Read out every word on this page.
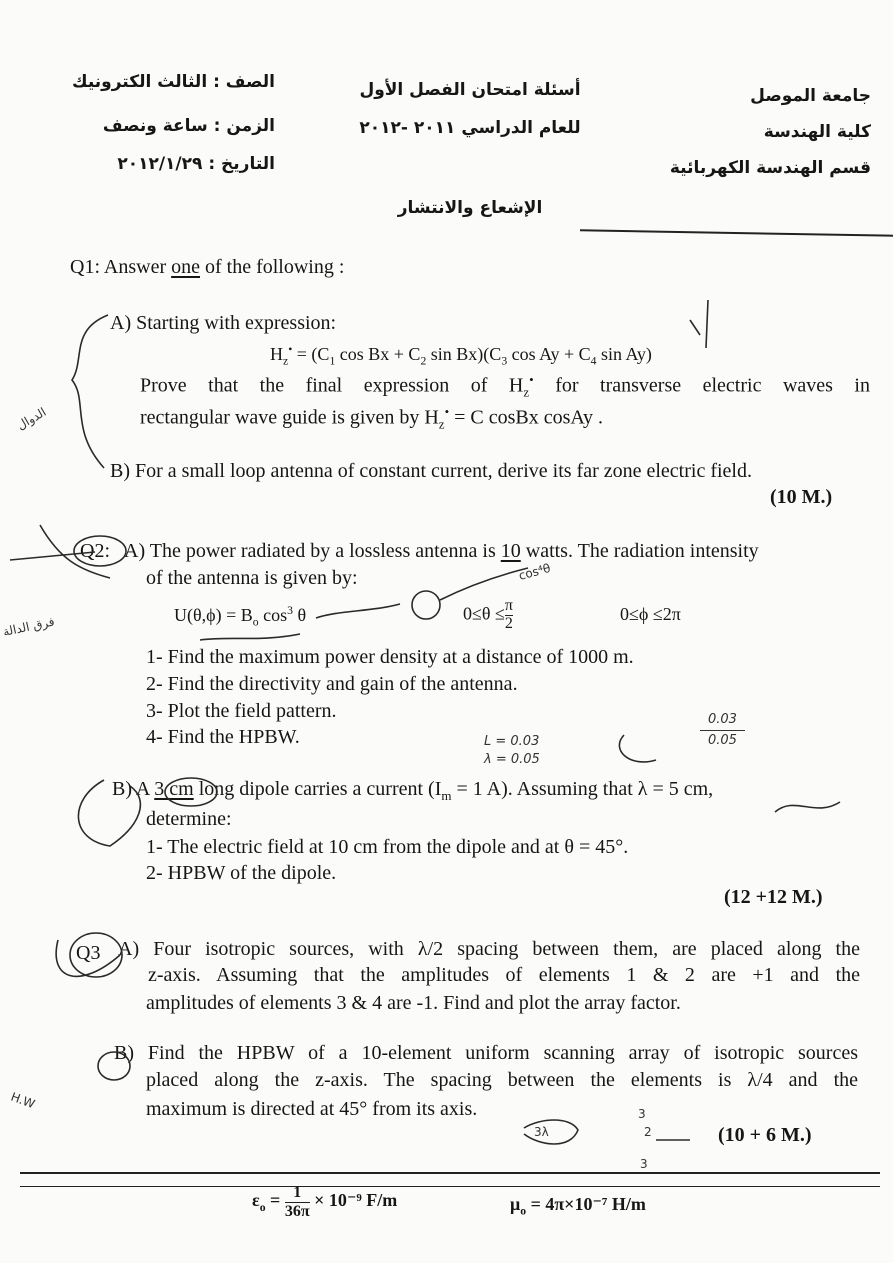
جامعة الموصل
كلية الهندسة
قسم الهندسة الكهربائية
أسئلة امتحان الفصل الأول
للعام الدراسي ٢٠١١ -٢٠١٢
الإشعاع والانتشار
الصف : الثالث الكترونيك
الزمن : ساعة ونصف
التاريخ : ٢٠١٢/١/٢٩
Q1: Answer one of the following :
A) Starting with expression:
$H_z^• = (C_1$ $\cos Bx + C_2$ $\sin Bx)(C_3$ $\cos Ay + C_4$ sin Ay)
Prove that the final expression of $H_z^•$ for transverse electric waves in
rectangular wave guide is given by $H_z^• = C$ cosBx cosAy .
B) For a small loop antenna of constant current, derive its far zone electric field.
(10 M.)
Q2: A) The power radiated by a lossless antenna is 10 watts. The radiation intensity
of the antenna is given by:
$U(\theta,\phi) = B_o$ $\cos^3 \theta$	$0\le\theta \le \frac{\pi}{2}$	0≤ϕ ≤2π
1- Find the maximum power density at a distance of 1000 m.
2- Find the directivity and gain of the antenna.
3- Plot the field pattern.
4- Find the HPBW.
B) A 3 cm long dipole carries a current ($I_m = 1$ A). Assuming that λ = 5 cm,
determine:
1- The electric field at 10 cm from the dipole and at θ = 45°.
2- HPBW of the dipole.
(12 +12 M.)
Q3 A) Four isotropic sources, with λ/2 spacing between them, are placed along the
z-axis. Assuming that the amplitudes of elements 1 & 2 are +1 and the
amplitudes of elements 3 & 4 are -1. Find and plot the array factor.
B) Find the HPBW of a 10-element uniform scanning array of isotropic sources
placed along the z-axis. The spacing between the elements is λ/4 and the
maximum is directed at 45° from its axis.
(10 + 6 M.)
$\varepsilon_o = \frac{1}{36\pi} \times 10^{-9}$ F/m	$\mu_o = 4\pi\times 10^{-7}$ H/m
L = 0.03
λ = 0.05
0.03
0.05
3
2
3
3λ
الدوال
فرق الدالة
H.W
cos⁴θ
